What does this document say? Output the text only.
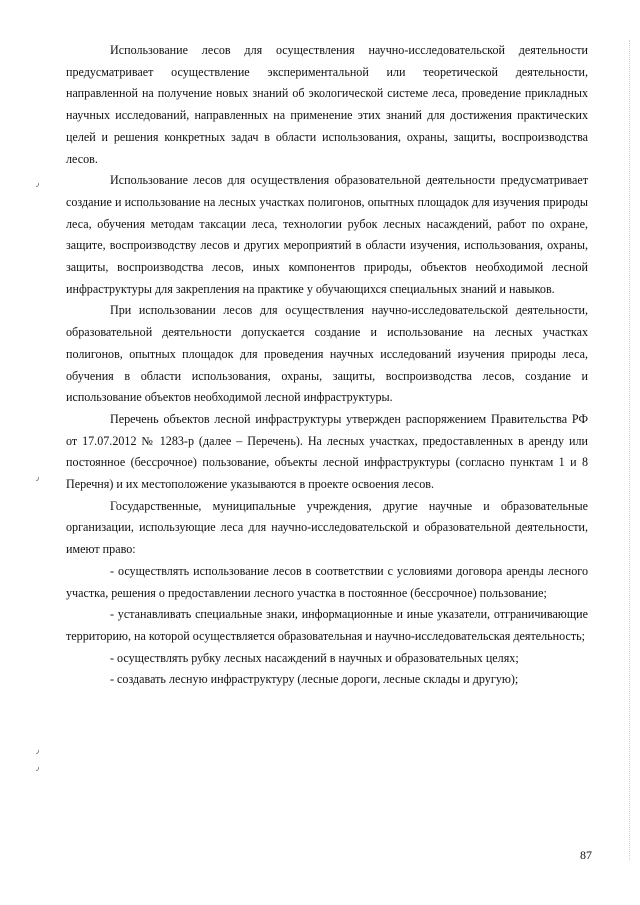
٫
٫
٫
٫

Использование лесов для осуществления научно-исследовательской деятельности предусматривает осуществление экспериментальной или теоретической деятельности, направленной на получение новых знаний об экологической системе леса, проведение прикладных научных исследований, направленных на применение этих знаний для достижения практических целей и решения конкретных задач в области использования, охраны, защиты, воспроизводства лесов.

Использование лесов для осуществления образовательной деятельности предусматривает создание и использование на лесных участках полигонов, опытных площадок для изучения природы леса, обучения методам таксации леса, технологии рубок лесных насаждений, работ по охране, защите, воспроизводству лесов и других мероприятий в области изучения, использования, охраны, защиты, воспроизводства лесов, иных компонентов природы, объектов необходимой лесной инфраструктуры для закрепления на практике у обучающихся специальных знаний и навыков.

При использовании лесов для осуществления научно-исследовательской деятельности, образовательной деятельности допускается создание и использование на лесных участках полигонов, опытных площадок для проведения научных исследований изучения природы леса, обучения в области использования, охраны, защиты, воспроизводства лесов, создание и использование объектов необходимой лесной инфраструктуры.

Перечень объектов лесной инфраструктуры утвержден распоряжением Правительства РФ от 17.07.2012 № 1283-р (далее – Перечень). На лесных участках, предоставленных в аренду или постоянное (бессрочное) пользование, объекты лесной инфраструктуры (согласно пунктам 1 и 8 Перечня) и их местоположение указываются в проекте освоения лесов.

Государственные, муниципальные учреждения, другие научные и образовательные организации, использующие леса для научно-исследовательской и образовательной деятельности, имеют право:

- осуществлять использование лесов в соответствии с условиями договора аренды лесного участка, решения о предоставлении лесного участка в постоянное (бессрочное) пользование;

- устанавливать специальные знаки, информационные и иные указатели, отграничивающие территорию, на которой осуществляется образовательная и научно-исследовательская деятельность;

- осуществлять рубку лесных насаждений в научных и образовательных целях;

- создавать лесную инфраструктуру (лесные дороги, лесные склады и другую);

87
